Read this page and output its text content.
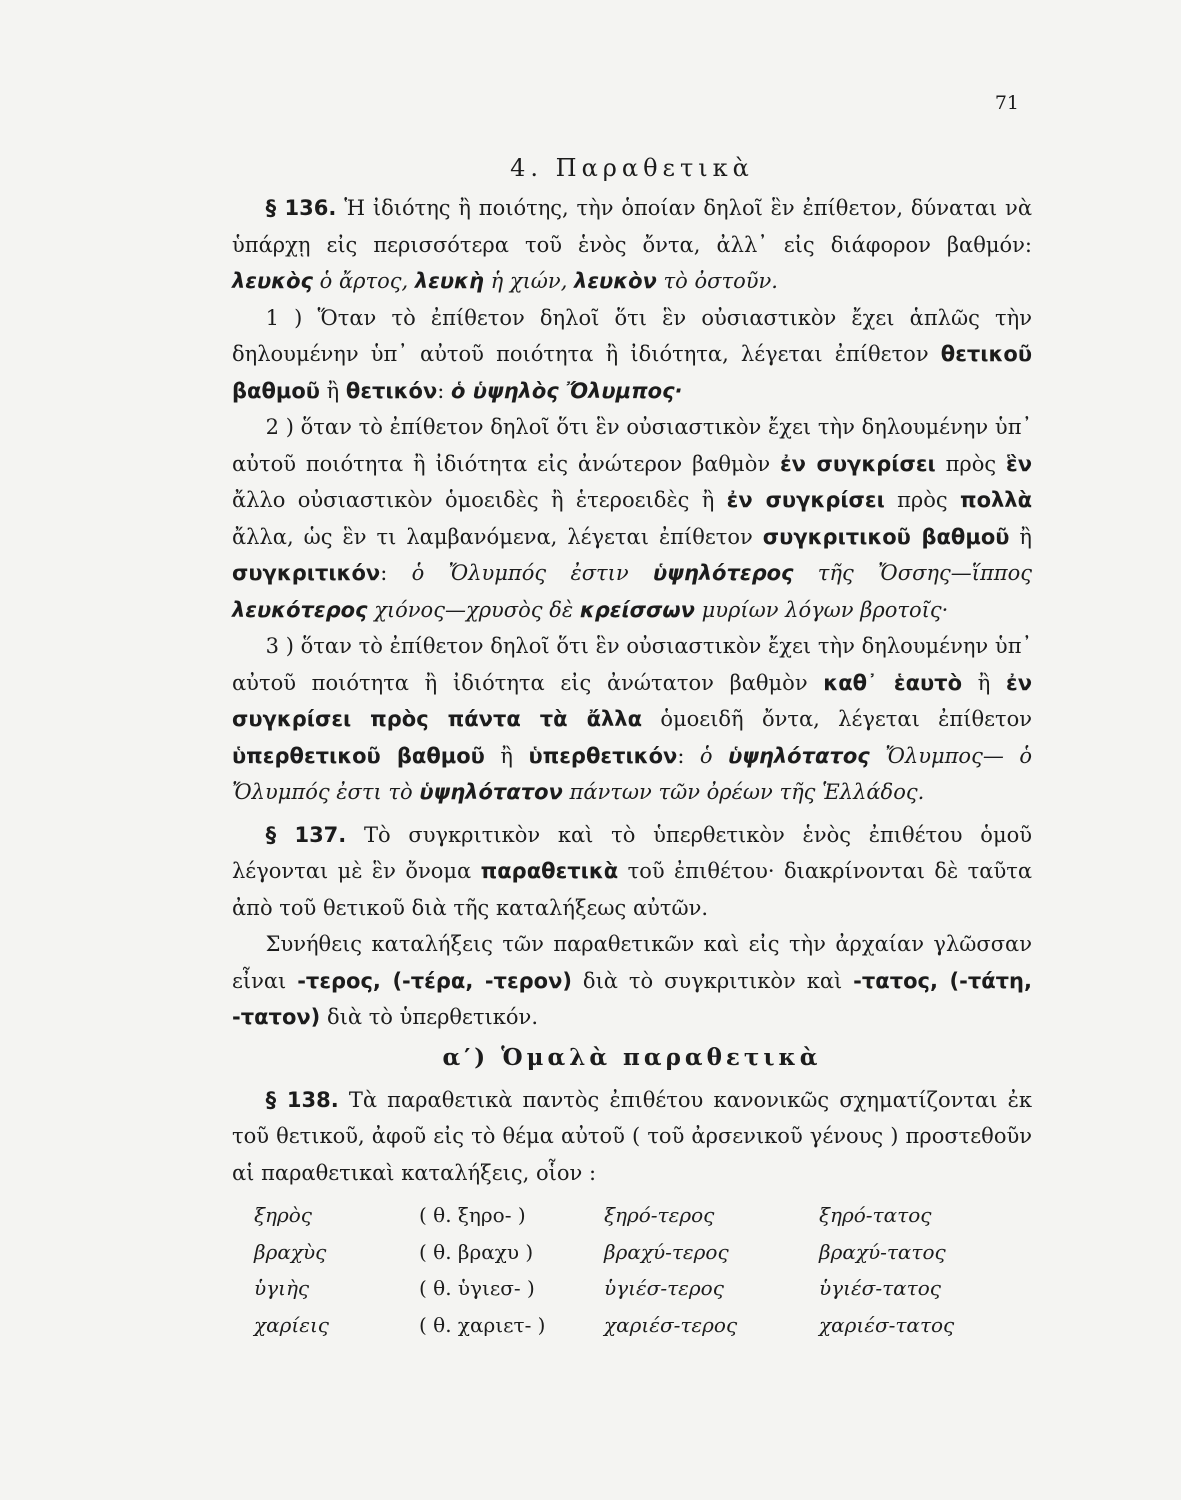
71
4. Παραθετικὰ

§ 136. Ἡ ἰδιότης ἢ ποιότης, τὴν ὁποίαν δηλοῖ ἓν ἐπίθετον, δύναται νὰ ὑπάρχῃ εἰς περισσότερα τοῦ ἑνὸς ὄντα, ἀλλ᾽ εἰς διάφορον βαθμόν: λευκὸς ὁ ἄρτος, λευκὴ ἡ χιών, λευκὸν τὸ ὀστοῦν.

1 ) Ὅταν τὸ ἐπίθετον δηλοῖ ὅτι ἓν οὐσιαστικὸν ἔχει ἁπλῶς τὴν δηλουμένην ὑπ᾽ αὐτοῦ ποιότητα ἢ ἰδιότητα, λέγεται ἐπίθετον θετικοῦ βαθμοῦ ἢ θετικόν: ὁ ὑψηλὸς Ὄλυμπος·

2 ) ὅταν τὸ ἐπίθετον δηλοῖ ὅτι ἓν οὐσιαστικὸν ἔχει τὴν δηλουμένην ὑπ᾽ αὐτοῦ ποιότητα ἢ ἰδιότητα εἰς ἀνώτερον βαθμὸν ἐν συγκρίσει πρὸς ἓν ἄλλο οὐσιαστικὸν ὁμοειδὲς ἢ ἑτεροειδὲς ἢ ἐν συγκρίσει πρὸς πολλὰ ἄλλα, ὡς ἓν τι λαμβανόμενα, λέγεται ἐπίθετον συγκριτικοῦ βαθμοῦ ἢ συγκριτικόν: ὁ Ὄλυμπός ἐστιν ὑψηλότερος τῆς Ὄσσης—ἵππος λευκότερος χιόνος—χρυσὸς δὲ κρείσσων μυρίων λόγων βροτοῖς·

3 ) ὅταν τὸ ἐπίθετον δηλοῖ ὅτι ἓν οὐσιαστικὸν ἔχει τὴν δηλουμένην ὑπ᾽ αὐτοῦ ποιότητα ἢ ἰδιότητα εἰς ἀνώτατον βαθμὸν καθ᾽ ἑαυτὸ ἢ ἐν συγκρίσει πρὸς πάντα τὰ ἄλλα ὁμοειδῆ ὄντα, λέγεται ἐπίθετον ὑπερθετικοῦ βαθμοῦ ἢ ὑπερθετικόν: ὁ ὑψηλότατος Ὄλυμπος— ὁ Ὄλυμπός ἐστι τὸ ὑψηλότατον πάντων τῶν ὀρέων τῆς Ἑλλάδος.

§ 137. Τὸ συγκριτικὸν καὶ τὸ ὑπερθετικὸν ἑνὸς ἐπιθέτου ὁμοῦ λέγονται μὲ ἓν ὄνομα παραθετικὰ τοῦ ἐπιθέτου· διακρίνονται δὲ ταῦτα ἀπὸ τοῦ θετικοῦ διὰ τῆς καταλήξεως αὐτῶν.

Συνήθεις καταλήξεις τῶν παραθετικῶν καὶ εἰς τὴν ἀρχαίαν γλῶσσαν εἶναι -τερος, (-τέρα, -τερον) διὰ τὸ συγκριτικὸν καὶ -τατος, (-τάτη, -τατον) διὰ τὸ ὑπερθετικόν.

α′) Ὁμαλὰ παραθετικὰ

§ 138. Τὰ παραθετικὰ παντὸς ἐπιθέτου κανονικῶς σχηματίζονται ἐκ τοῦ θετικοῦ, ἀφοῦ εἰς τὸ θέμα αὐτοῦ ( τοῦ ἀρσενικοῦ γένους ) προστεθοῦν αἱ παραθετικαὶ καταλήξεις, οἷον :

ξηρὸς	( θ. ξηρο- )	ξηρό-τερος	ξηρό-τατος
βραχὺς	( θ. βραχυ )	βραχύ-τερος	βραχύ-τατος
ὑγιὴς	( θ. ὑγιεσ- )	ὑγιέσ-τερος	ὑγιέσ-τατος
χαρίεις	( θ. χαριετ- )	χαριέσ-τερος	χαριέσ-τατος
